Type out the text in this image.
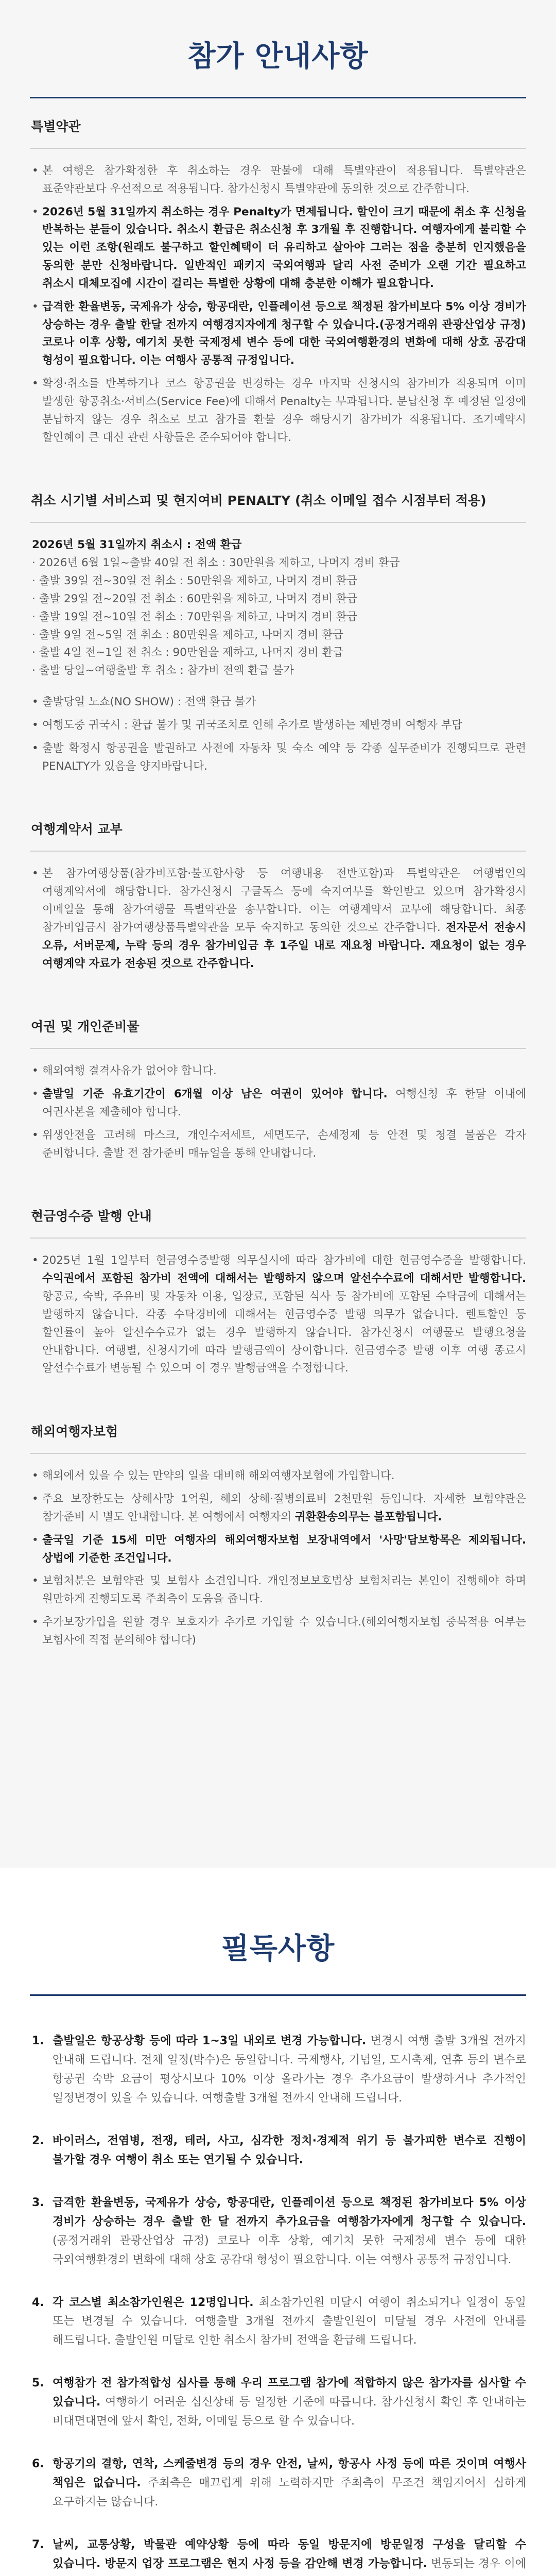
참가 안내사항
특별약관

• 본 여행은 참가확정한 후 취소하는 경우 판불에 대해 특별약관이 적용됩니다. 특별약관은 표준약관보다 우선적으로 적용됩니다. 참가신청시 특별약관에 동의한 것으로 간주합니다.

• 2026년 5월 31일까지 취소하는 경우 Penalty가 면제됩니다. 할인이 크기 때문에 취소 후 신청을 반복하는 분들이 있습니다. 취소시 환급은 취소신청 후 3개월 후 진행합니다. 여행자에게 불리할 수 있는 이런 조항(원래도 불구하고 할인혜택이 더 유리하고 살아야 그러는 점을 충분히 인지했음을 동의한 분만 신청바랍니다. 일반적인 패키지 국외여행과 달리 사전 준비가 오랜 기간 필요하고 취소시 대체모집에 시간이 걸리는 특별한 상황에 대해 충분한 이해가 필요합니다.

• 급격한 환율변동, 국제유가 상승, 항공대란, 인플레이션 등으로 책정된 참가비보다 5% 이상 경비가 상승하는 경우 출발 한달 전까지 여행경지자에게 청구할 수 있습니다.(공정거래위 관광산업상 규정) 코로나 이후 상황, 예기치 못한 국제정세 변수 등에 대한 국외여행환경의 변화에 대해 상호 공감대 형성이 필요합니다. 이는 여행사 공통적 규정입니다.

• 확정·취소를 반복하거나 코스 항공권을 변경하는 경우 마지막 신청시의 참가비가 적용되며 이미 발생한 항공취소·서비스(Service Fee)에 대해서 Penalty는 부과됩니다. 분납신청 후 예정된 일정에 분납하지 않는 경우 취소로 보고 참가를 환불 경우 해당시기 참가비가 적용됩니다. 조기예약시 할인혜이 큰 대신 관련 사항들은 준수되어야 합니다.

취소 시기별 서비스피 및 현지여비 PENALTY (취소 이메일 접수 시점부터 적용)

2026년 5월 31일까지 취소시 : 전액 환급

· 2026년 6월 1일~출발 40일 전 취소 : 30만원을 제하고, 나머지 경비 환급

· 출발 39일 전~30일 전 취소 : 50만원을 제하고, 나머지 경비 환급

· 출발 29일 전~20일 전 취소 : 60만원을 제하고, 나머지 경비 환급

· 출발 19일 전~10일 전 취소 : 70만원을 제하고, 나머지 경비 환급

· 출발 9일 전~5일 전 취소 : 80만원을 제하고, 나머지 경비 환급

· 출발 4일 전~1일 전 취소 : 90만원을 제하고, 나머지 경비 환급

· 출발 당일~여행출발 후 취소 : 참가비 전액 환급 불가

• 출발당일 노쇼(NO SHOW) : 전액 환급 불가

• 여행도중 귀국시 : 환급 불가 및 귀국조치로 인해 추가로 발생하는 제반경비 여행자 부담

• 출발 확정시 항공권을 발권하고 사전에 자동차 및 숙소 예약 등 각종 실무준비가 진행되므로 관련 PENALTY가 있음을 양지바랍니다.

여행계약서 교부

• 본 참가여행상품(참가비포함·불포함사항 등 여행내용 전반포함)과 특별약관은 여행법인의 여행계약서에 해당합니다. 참가신청시 구글독스 등에 숙지여부를 확인받고 있으며 참가확정시 이메일을 통해 참가여행물 특별약관을 송부합니다. 이는 여행계약서 교부에 해당합니다. 최종 참가비입금시 참가여행상품특별약관을 모두 숙지하고 동의한 것으로 간주합니다. 전자문서 전송시 오류, 서버문제, 누락 등의 경우 참가비입금 후 1주일 내로 재요청 바랍니다. 재요청이 없는 경우 여행계약 자료가 전송된 것으로 간주합니다.

여권 및 개인준비물

• 해외여행 결격사유가 없어야 합니다.

• 출발일 기준 유효기간이 6개월 이상 남은 여권이 있어야 합니다. 여행신청 후 한달 이내에 여권사본을 제출해야 합니다.

• 위생안전을 고려해 마스크, 개인수저세트, 세면도구, 손세정제 등 안전 및 청결 물품은 각자 준비합니다. 출발 전 참가준비 매뉴얼을 통해 안내합니다.

현금영수증 발행 안내

• 2025년 1월 1일부터 현금영수증발행 의무실시에 따라 참가비에 대한 현금영수증을 발행합니다. 수익권에서 포함된 참가비 전액에 대해서는 발행하지 않으며 알선수수료에 대해서만 발행합니다. 항공료, 숙박, 주유비 및 자동차 이용, 입장료, 포함된 식사 등 참가비에 포함된 수탁금에 대해서는 발행하지 않습니다. 각종 수탁경비에 대해서는 현금영수증 발행 의무가 없습니다. 렌트할인 등 할인률이 높아 알선수수료가 없는 경우 발행하지 않습니다. 참가신청시 여행물로 발행요청을 안내합니다. 여행별, 신청시기에 따라 발행금액이 상이합니다. 현금영수증 발행 이후 여행 종료시 알선수수료가 변동될 수 있으며 이 경우 발행금액을 수정합니다.

해외여행자보험

• 해외에서 있을 수 있는 만약의 일을 대비해 해외여행자보험에 가입합니다.

• 주요 보장한도는 상해사망 1억원, 해외 상해·질병의료비 2천만원 등입니다. 자세한 보험약관은 참가준비 시 별도 안내합니다. 본 여행에서 여행자의 귀환환송의무는 불포함됩니다.

• 출국일 기준 15세 미만 여행자의 해외여행자보험 보장내역에서 '사망'담보항목은 제외됩니다. 상법에 기준한 조건입니다.

• 보험처분은 보험약관 및 보험사 소견입니다. 개인정보보호법상 보험처리는 본인이 진행해야 하며 원만하게 진행되도록 주최측이 도움을 줍니다.

• 추가보장가입을 원할 경우 보호자가 추가로 가입할 수 있습니다.(해외여행자보험 중복적용 여부는 보험사에 직접 문의해야 합니다)

필독사항
1. 출발일은 항공상황 등에 따라 1~3일 내외로 변경 가능합니다. 변경시 여행 출발 3개월 전까지 안내해 드립니다. 전체 일정(박수)은 동일합니다. 국제행사, 기념일, 도시축제, 연휴 등의 변수로 항공권 숙박 요금이 평상시보다 10% 이상 올라가는 경우 추가요금이 발생하거나 추가적인 일정변경이 있을 수 있습니다. 여행출발 3개월 전까지 안내해 드립니다.
2. 바이러스, 전염병, 전쟁, 테러, 사고, 심각한 정치·경제적 위기 등 불가피한 변수로 진행이 불가할 경우 여행이 취소 또는 연기될 수 있습니다.
3. 급격한 환율변동, 국제유가 상승, 항공대란, 인플레이션 등으로 책정된 참가비보다 5% 이상 경비가 상승하는 경우 출발 한 달 전까지 추가요금을 여행참가자에게 청구할 수 있습니다. (공정거래위 관광산업상 규정) 코로나 이후 상황, 예기치 못한 국제정세 변수 등에 대한 국외여행환경의 변화에 대해 상호 공감대 형성이 필요합니다. 이는 여행사 공통적 규정입니다.
4. 각 코스별 최소참가인원은 12명입니다. 최소참가인원 미달시 여행이 취소되거나 일정이 동일 또는 변경될 수 있습니다. 여행출발 3개월 전까지 출발인원이 미달될 경우 사전에 안내를 해드립니다. 출발인원 미달로 인한 취소시 참가비 전액을 환급해 드립니다.
5. 여행참가 전 참가적합성 심사를 통해 우리 프로그램 참가에 적합하지 않은 참가자를 심사할 수 있습니다. 여행하기 어려운 심신상태 등 일정한 기준에 따릅니다. 참가신청서 확인 후 안내하는 비대면대면에 앞서 확인, 전화, 이메일 등으로 할 수 있습니다.
6. 항공기의 결항, 연착, 스케줄변경 등의 경우 안전, 날씨, 항공사 사정 등에 따른 것이며 여행사 책임은 없습니다. 주최측은 매끄럽게 위해 노력하지만 주최측이 무조건 책임지어서 심하게 요구하지는 않습니다.
7. 날씨, 교통상황, 박물관 예약상황 등에 따라 동일 방문지에 방문일정 구성을 달리할 수 있습니다. 방문지 업장 프로그램은 현지 사정 등을 감안해 변경 가능합니다. 변동되는 경우 이에
